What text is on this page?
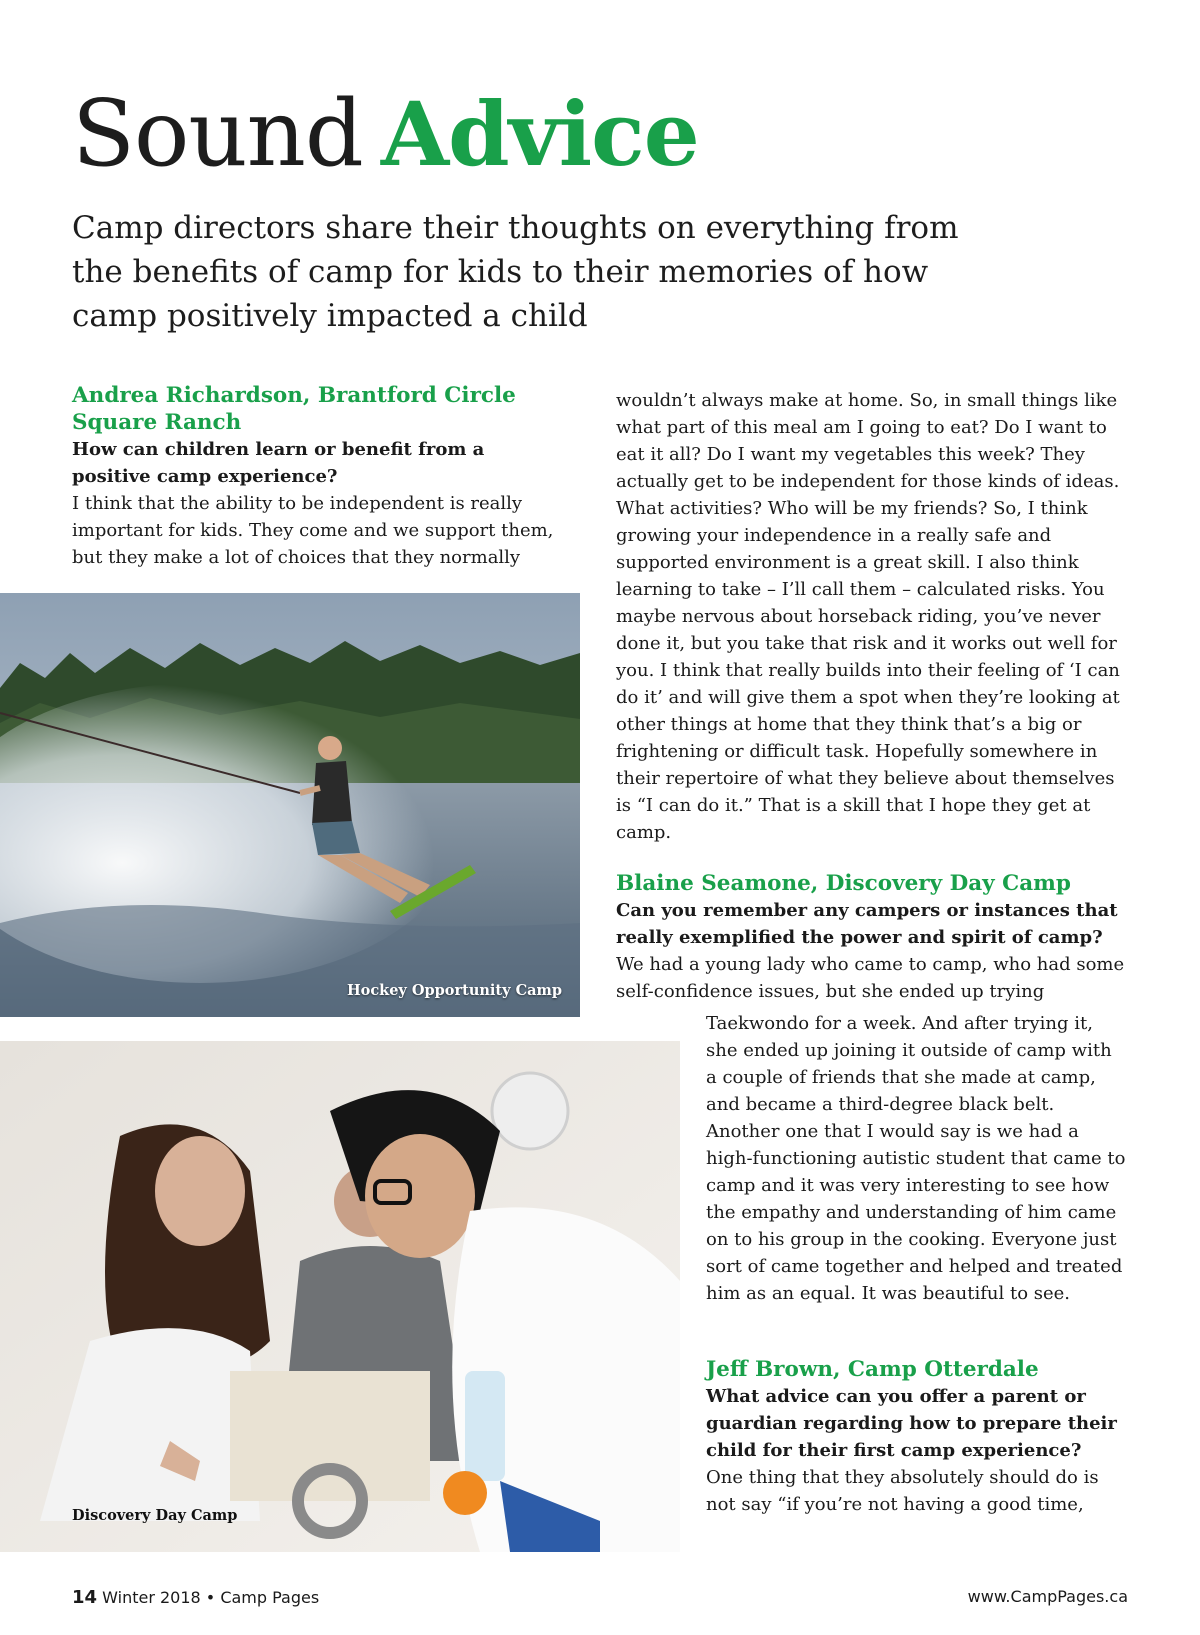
Sound Advice
Camp directors share their thoughts on everything from the benefits of camp for kids to their memories of how camp positively impacted a child

Andrea Richardson, Brantford Circle Square Ranch

How can children learn or benefit from a positive camp experience?

I think that the ability to be independent is really important for kids. They come and we support them, but they make a lot of choices that they normally

Hockey Opportunity Camp
Discovery Day Camp

wouldn’t always make at home. So, in small things like what part of this meal am I going to eat? Do I want to eat it all? Do I want my vegetables this week? They actually get to be independent for those kinds of ideas. What activities? Who will be my friends? So, I think growing your independence in a really safe and supported environment is a great skill. I also think learning to take – I’ll call them – calculated risks. You maybe nervous about horseback riding, you’ve never done it, but you take that risk and it works out well for you. I think that really builds into their feeling of ‘I can do it’ and will give them a spot when they’re looking at other things at home that they think that’s a big or frightening or difficult task. Hopefully somewhere in their repertoire of what they believe about themselves is “I can do it.” That is a skill that I hope they get at camp.

Blaine Seamone, Discovery Day Camp

Can you remember any campers or instances that really exemplified the power and spirit of camp?

We had a young lady who came to camp, who had some self-confidence issues, but she ended up trying

Taekwondo for a week. And after trying it, she ended up joining it outside of camp with a couple of friends that she made at camp, and became a third-degree black belt. Another one that I would say is we had a high-functioning autistic student that came to camp and it was very interesting to see how the empathy and understanding of him came on to his group in the cooking. Everyone just sort of came together and helped and treated him as an equal. It was beautiful to see.

Jeff Brown, Camp Otterdale

What advice can you offer a parent or guardian regarding how to prepare their child for their first camp experience?

One thing that they absolutely should do is not say “if you’re not having a good time,

14 Winter 2018 • Camp Pages	www.CampPages.ca
